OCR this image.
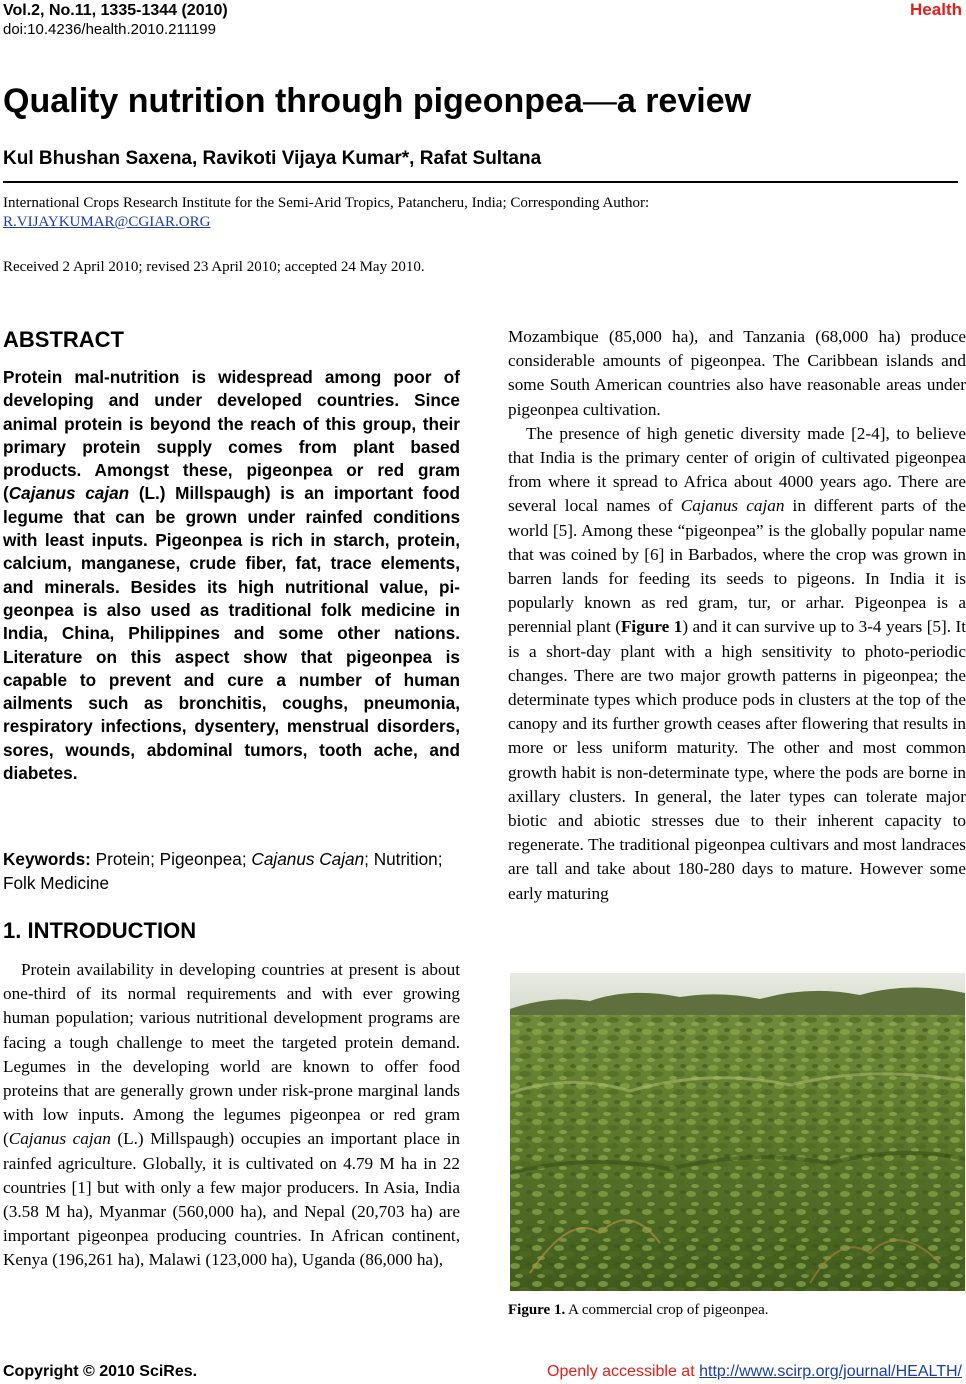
Vol.2, No.11, 1335-1344 (2010)
doi:10.4236/health.2010.211199
Health
Quality nutrition through pigeonpea—a review
Kul Bhushan Saxena, Ravikoti Vijaya Kumar*, Rafat Sultana
International Crops Research Institute for the Semi-Arid Tropics, Patancheru, India; Corresponding Author:
R.VIJAYKUMAR@CGIAR.ORG
Received 2 April 2010; revised 23 April 2010; accepted 24 May 2010.
ABSTRACT
Protein mal-nutrition is widespread among poor of developing and under developed countries. Since animal protein is beyond the reach of this group, their primary protein supply comes from plant based products. Amongst these, pigeonpea or red gram (Cajanus cajan (L.) Millspaugh) is an important food legume that can be grown under rainfed conditions with least inputs. Pigeonpea is rich in starch, protein, calcium, manganese, crude fiber, fat, trace elements, and minerals. Besides its high nutritional value, pigeonpea is also used as traditional folk medicine in India, China, Philippines and some other nations. Literature on this aspect show that pigeonpea is capable to prevent and cure a number of human ailments such as bronchitis, coughs, pneumonia, respiratory infections, dysentery, menstrual disorders, sores, wounds, abdominal tumors, tooth ache, and diabetes.
Keywords: Protein; Pigeonpea; Cajanus Cajan; Nutrition; Folk Medicine
1. INTRODUCTION

Protein availability in developing countries at present is about one-third of its normal requirements and with ever growing human population; various nutritional development programs are facing a tough challenge to meet the targeted protein demand. Legumes in the developing world are known to offer food proteins that are generally grown under risk-prone marginal lands with low inputs. Among the legumes pigeonpea or red gram (Cajanus cajan (L.) Millspaugh) occupies an important place in rainfed agriculture. Globally, it is cultivated on 4.79 M ha in 22 countries [1] but with only a few major producers. In Asia, India (3.58 M ha), Myanmar (560,000 ha), and Nepal (20,703 ha) are important pigeonpea producing countries. In African continent, Kenya (196,261 ha), Malawi (123,000 ha), Uganda (86,000 ha),

Mozambique (85,000 ha), and Tanzania (68,000 ha) produce considerable amounts of pigeonpea. The Caribbean islands and some South American countries also have reasonable areas under pigeonpea cultivation.

The presence of high genetic diversity made [2-4], to believe that India is the primary center of origin of cultivated pigeonpea from where it spread to Africa about 4000 years ago. There are several local names of Cajanus cajan in different parts of the world [5]. Among these “pigeonpea” is the globally popular name that was coined by [6] in Barbados, where the crop was grown in barren lands for feeding its seeds to pigeons. In India it is popularly known as red gram, tur, or arhar. Pigeonpea is a perennial plant (Figure 1) and it can survive up to 3-4 years [5]. It is a short-day plant with a high sensitivity to photo-periodic changes. There are two major growth patterns in pigeonpea; the determinate types which produce pods in clusters at the top of the canopy and its further growth ceases after flowering that results in more or less uniform maturity. The other and most common growth habit is non-determinate type, where the pods are borne in axillary clusters. In general, the later types can tolerate major biotic and abiotic stresses due to their inherent capacity to regenerate. The traditional pigeonpea cultivars and most landraces are tall and take about 180-280 days to mature. However some early maturing

Figure 1. A commercial crop of pigeonpea.
Copyright © 2010 SciRes.	Openly accessible at http://www.scirp.org/journal/HEALTH/
